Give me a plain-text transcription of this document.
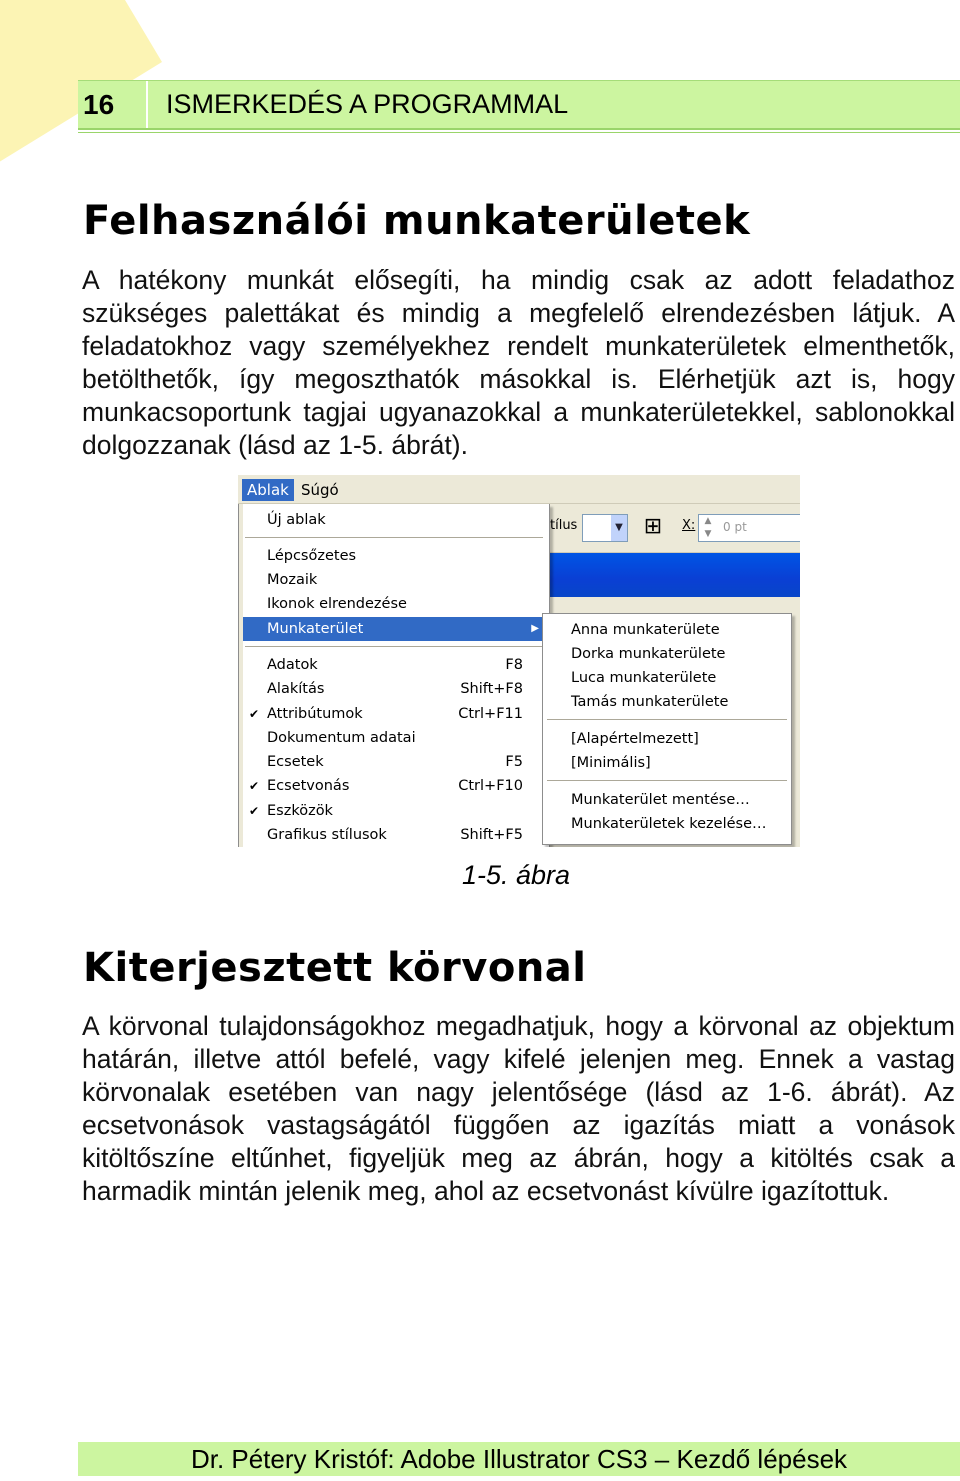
16	ISMERKEDÉS A PROGRAMMAL
Felhasználói munkaterületek

A hatékony munkát elősegíti, ha mindig csak az adott feladathoz szükséges palettákat és mindig a megfelelő elrendezésben látjuk. A feladatokhoz vagy személyekhez rendelt munkaterületek elmenthetők, betölthetők, így megoszthatók másokkal is. Elérhetjük azt is, hogy munkacsoportunk tagjai ugyanazokkal a munkaterületekkel, sablonokkal dolgozzanak (lásd az 1-5. ábrát).

Ablak Súgó
tílus	▼ ⊞ X:	▲
▼ 0 pt
Új ablak
Lépcsőzetes
Mozaik
Ikonok elrendezése
Munkaterület	▶
Adatok	F8
Alakítás	Shift+F8
✔ Attribútumok	Ctrl+F11
Dokumentum adatai
Ecsetek	F5
✔ Ecsetvonás	Ctrl+F10
✔ Eszközök
Grafikus stílusok	Shift+F5
Anna munkaterülete
Dorka munkaterülete
Luca munkaterülete
Tamás munkaterülete
[Alapértelmezett]
[Minimális]
Munkaterület mentése…
Munkaterületek kezelése…
1-5. ábra
Kiterjesztett körvonal

A körvonal tulajdonságokhoz megadhatjuk, hogy a körvonal az objektum határán, illetve attól befelé, vagy kifelé jelenjen meg. Ennek a vastag körvonalak esetében van nagy jelentősége (lásd az 1-6. ábrát). Az ecsetvonások vastagságától függően az igazítás miatt a vonások kitöltőszíne eltűnhet, figyeljük meg az ábrán, hogy a kitöltés csak a harmadik mintán jelenik meg, ahol az ecsetvonást kívülre igazítottuk.

Dr. Pétery Kristóf: Adobe Illustrator CS3 – Kezdő lépések
